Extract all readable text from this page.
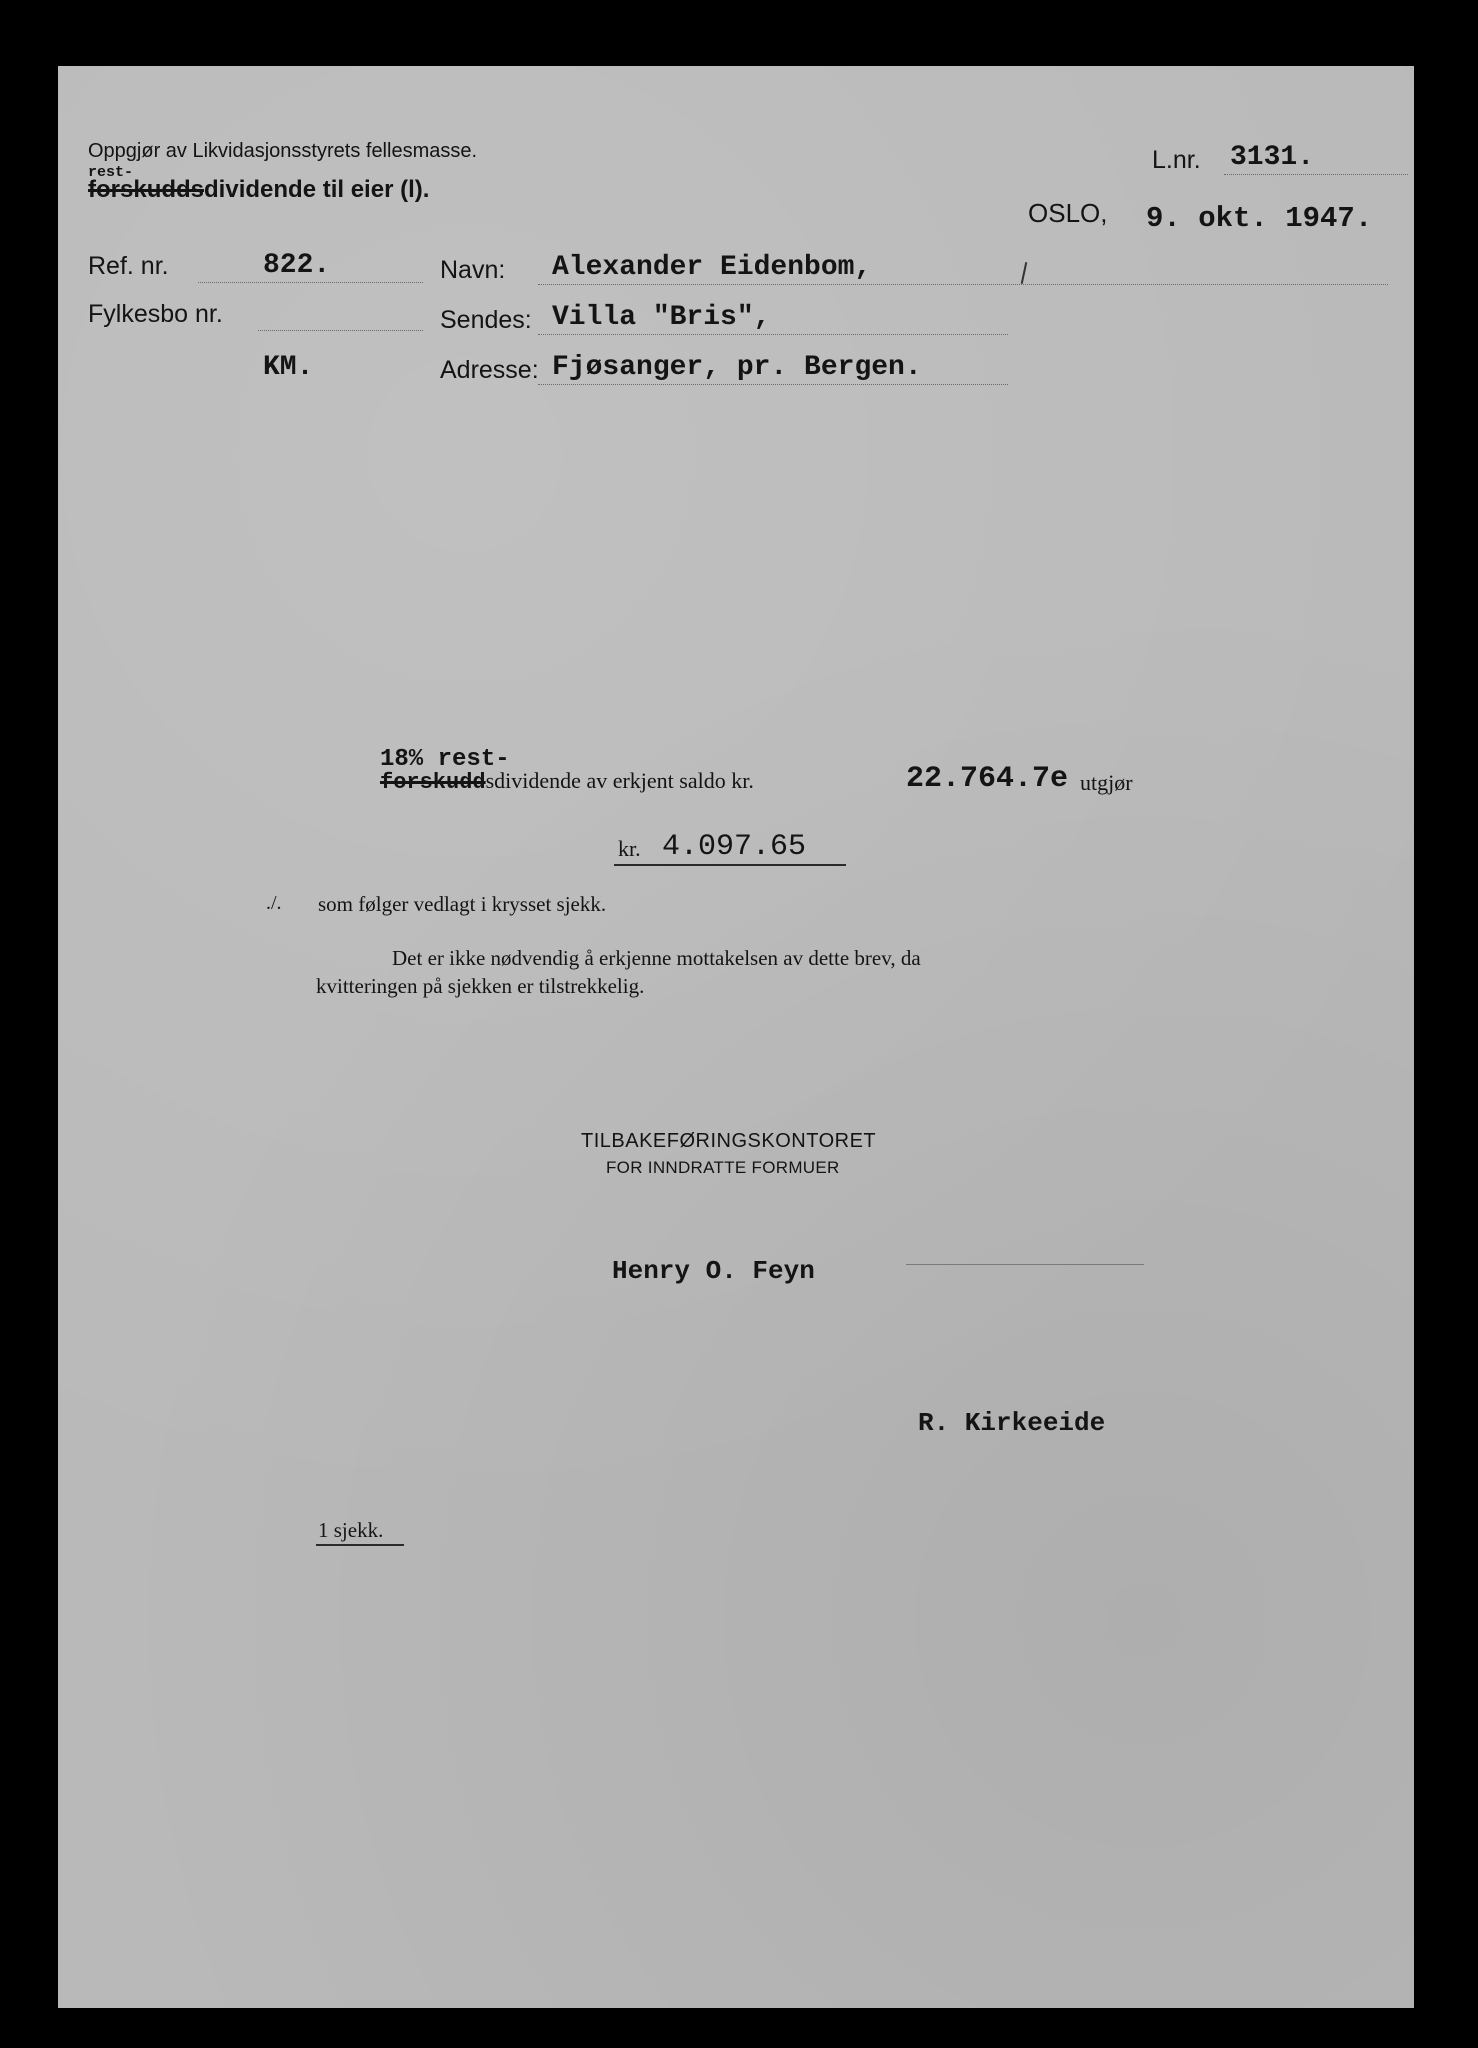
Oppgjør av Likvidasjonsstyrets fellesmasse.
rest-
forskuddsdividende til eier (l).
L.nr. 3131.
OSLO, 9. okt. 1947.
Ref. nr.	822.
Fylkesbo nr.
KM.
Navn: Alexander Eidenbom,
Sendes: Villa "Bris",
Adresse: Fjøsanger, pr. Bergen.
18% rest-
forskuddsdividende av erkjent saldo kr.	22.764.7e utgjør
kr. 4.097.65
./. som følger vedlagt i krysset sjekk.
Det er ikke nødvendig å erkjenne mottakelsen av dette brev, da
kvitteringen på sjekken er tilstrekkelig.
TILBAKEFØRINGSKONTORET
FOR INNDRATTE FORMUER
Henry O. Feyn
R. Kirkeeide
1 sjekk.
